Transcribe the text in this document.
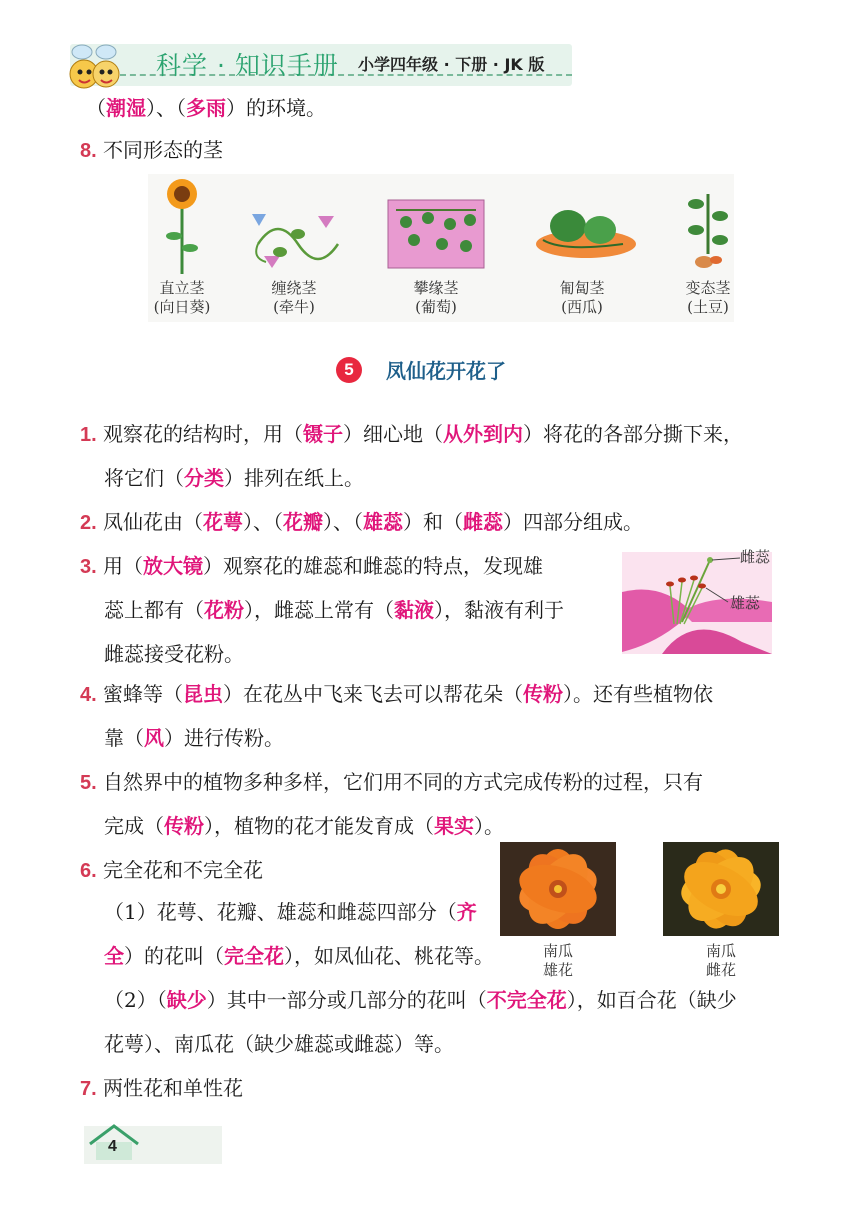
科学 · 知识手册 小学四年级 · 下册 · JK 版
（潮湿）、（多雨）的环境。
8. 不同形态的茎
直立茎
(向日葵)
缠绕茎
(牵牛)
攀缘茎
(葡萄)
匍匐茎
(西瓜)
变态茎
(土豆)
5	凤仙花开花了
1. 观察花的结构时，用（镊子）细心地（从外到内）将花的各部分撕下来，
将它们（分类）排列在纸上。
2. 凤仙花由（花萼）、（花瓣）、（雄蕊）和（雌蕊）四部分组成。
3. 用（放大镜）观察花的雄蕊和雌蕊的特点，发现雄
蕊上都有（花粉），雌蕊上常有（黏液），黏液有利于
雌蕊接受花粉。
雌蕊
雄蕊
4. 蜜蜂等（昆虫）在花丛中飞来飞去可以帮花朵（传粉）。还有些植物依
靠（风）进行传粉。
5. 自然界中的植物多种多样，它们用不同的方式完成传粉的过程，只有
完成（传粉），植物的花才能发育成（果实）。
6. 完全花和不完全花
（1）花萼、花瓣、雄蕊和雌蕊四部分（齐
全）的花叫（完全花），如凤仙花、桃花等。
（2）（缺少）其中一部分或几部分的花叫（不完全花），如百合花（缺少
花萼）、南瓜花（缺少雄蕊或雌蕊）等。
南瓜
雄花
南瓜
雌花
7. 两性花和单性花
4
